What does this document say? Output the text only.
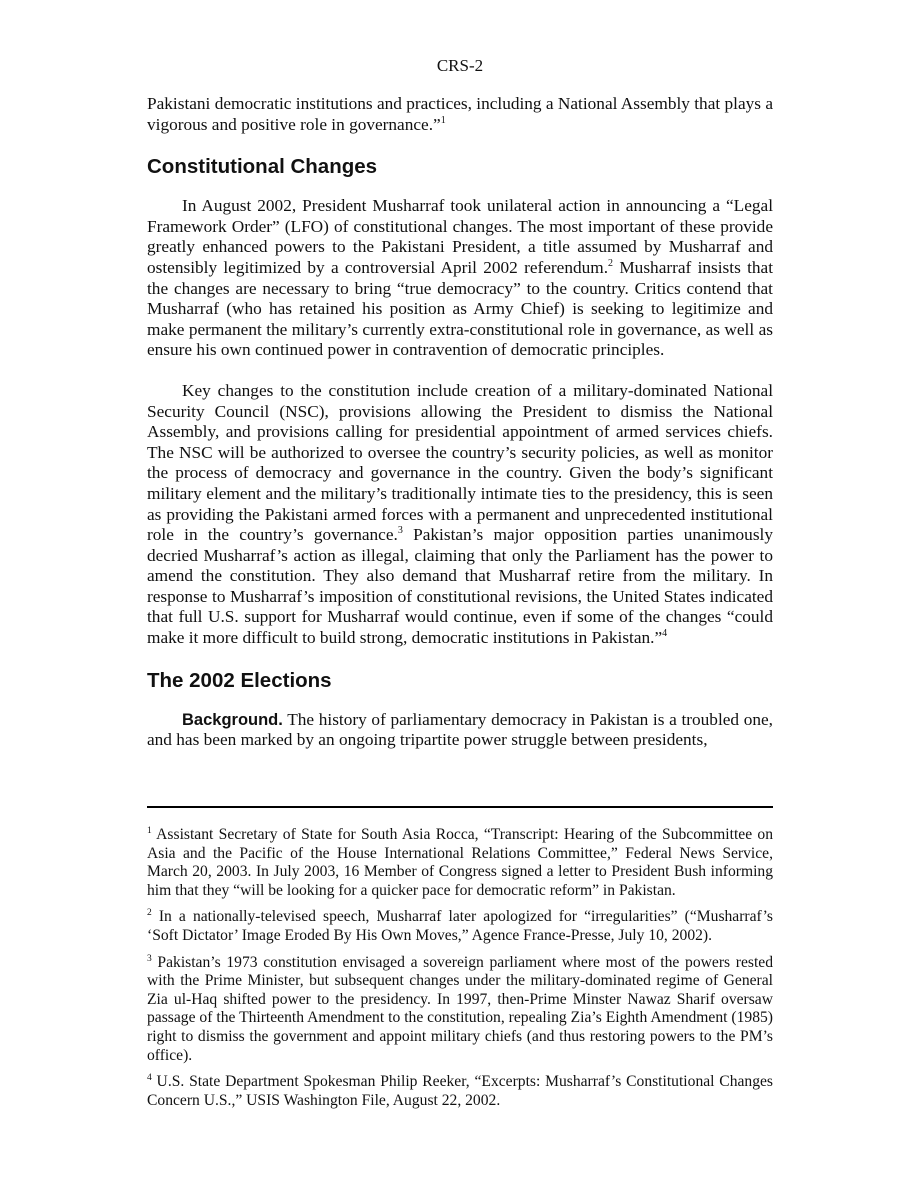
CRS-2

Pakistani democratic institutions and practices, including a National Assembly that plays a vigorous and positive role in governance.”$^1$

Constitutional Changes

In August 2002, President Musharraf took unilateral action in announcing a “Legal Framework Order” (LFO) of constitutional changes. The most important of these provide greatly enhanced powers to the Pakistani President, a title assumed by Musharraf and ostensibly legitimized by a controversial April 2002 referendum.$^2$ Musharraf insists that the changes are necessary to bring “true democracy” to the country. Critics contend that Musharraf (who has retained his position as Army Chief) is seeking to legitimize and make permanent the military’s currently extra-constitutional role in governance, as well as ensure his own continued power in contravention of democratic principles.

Key changes to the constitution include creation of a military-dominated National Security Council (NSC), provisions allowing the President to dismiss the National Assembly, and provisions calling for presidential appointment of armed services chiefs. The NSC will be authorized to oversee the country’s security policies, as well as monitor the process of democracy and governance in the country. Given the body’s significant military element and the military’s traditionally intimate ties to the presidency, this is seen as providing the Pakistani armed forces with a permanent and unprecedented institutional role in the country’s governance.$^3$ Pakistan’s major opposition parties unanimously decried Musharraf’s action as illegal, claiming that only the Parliament has the power to amend the constitution. They also demand that Musharraf retire from the military. In response to Musharraf’s imposition of constitutional revisions, the United States indicated that full U.S. support for Musharraf would continue, even if some of the changes “could make it more difficult to build strong, democratic institutions in Pakistan.”$^4$

The 2002 Elections

Background. The history of parliamentary democracy in Pakistan is a troubled one, and has been marked by an ongoing tripartite power struggle between presidents,

$^1$ Assistant Secretary of State for South Asia Rocca, “Transcript: Hearing of the Subcommittee on Asia and the Pacific of the House International Relations Committee,” Federal News Service, March 20, 2003. In July 2003, 16 Member of Congress signed a letter to President Bush informing him that they “will be looking for a quicker pace for democratic reform” in Pakistan.

$^2$ In a nationally-televised speech, Musharraf later apologized for “irregularities” (“Musharraf’s ‘Soft Dictator’ Image Eroded By His Own Moves,” Agence France-Presse, July 10, 2002).

$^3$ Pakistan’s 1973 constitution envisaged a sovereign parliament where most of the powers rested with the Prime Minister, but subsequent changes under the military-dominated regime of General Zia ul-Haq shifted power to the presidency. In 1997, then-Prime Minster Nawaz Sharif oversaw passage of the Thirteenth Amendment to the constitution, repealing Zia’s Eighth Amendment (1985) right to dismiss the government and appoint military chiefs (and thus restoring powers to the PM’s office).

$^4$ U.S. State Department Spokesman Philip Reeker, “Excerpts: Musharraf’s Constitutional Changes Concern U.S.,” USIS Washington File, August 22, 2002.
